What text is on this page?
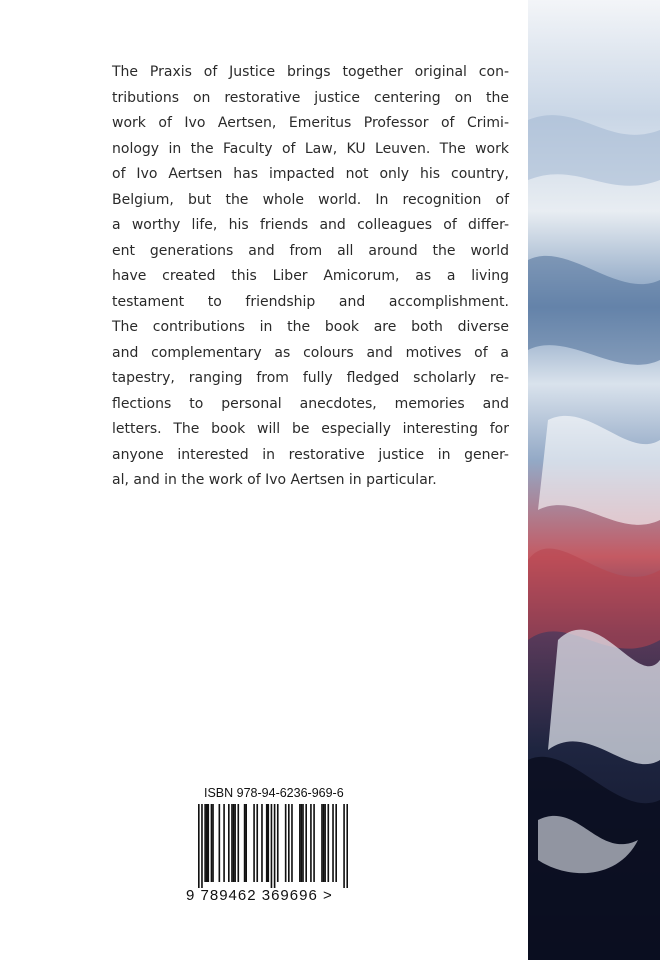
The Praxis of Justice brings together original con-
tributions on restorative justice centering on the
work of Ivo Aertsen, Emeritus Professor of Crimi-
nology in the Faculty of Law, KU Leuven. The work
of Ivo Aertsen has impacted not only his country,
Belgium, but the whole world. In recognition of
a worthy life, his friends and colleagues of differ-
ent generations and from all around the world
have created this Liber Amicorum, as a living
testament to friendship and accomplishment.
The contributions in the book are both diverse
and complementary as colours and motives of a
tapestry, ranging from fully fledged scholarly re-
flections to personal anecdotes, memories and
letters. The book will be especially interesting for
anyone interested in restorative justice in gener-
al, and in the work of Ivo Aertsen in particular.
ISBN 978-94-6236-969-6
9 789462 369696 >
